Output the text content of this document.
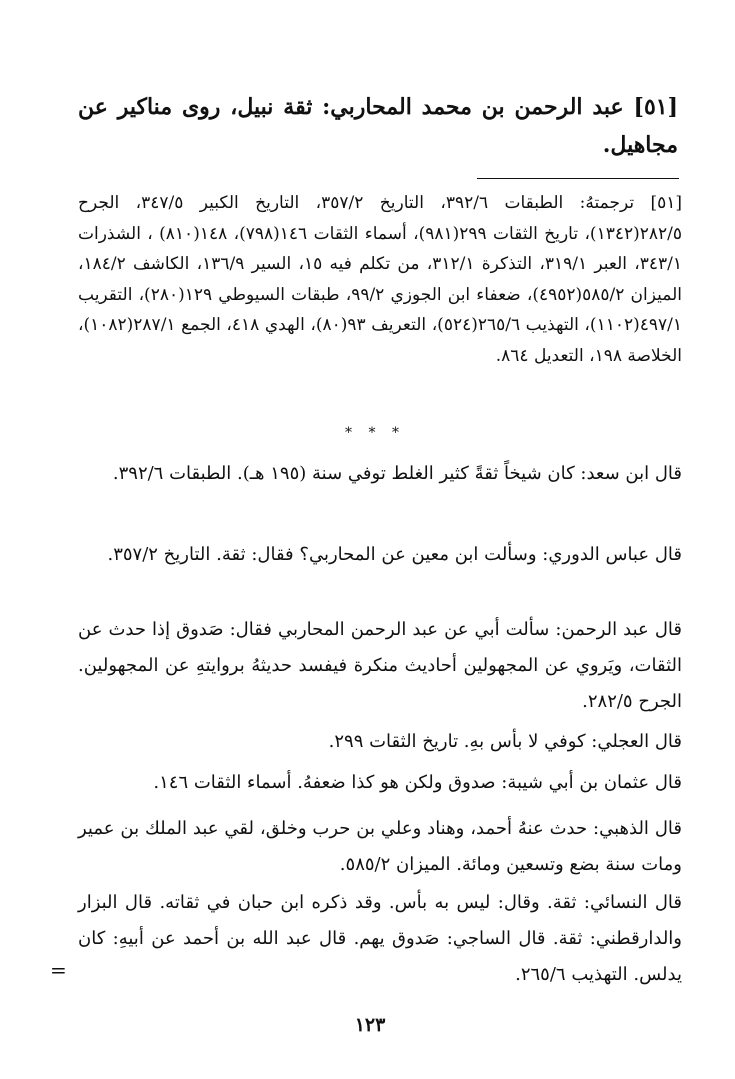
[٥١] عبد الرحمن بن محمد المحاربي: ثقة نبيل، روى مناكير عن مجاهيل.
[٥١] ترجمتهُ: الطبقات ٣٩٢/٦، التاريخ ٣٥٧/٢، التاريخ الكبير ٣٤٧/٥، الجرح ٢٨٢/٥(١٣٤٢)، تاريخ الثقات ٢٩٩(٩٨١)، أسماء الثقات ١٤٦(٧٩٨)، ١٤٨(٨١٠) ، الشذرات ٣٤٣/١، العبر ٣١٩/١، التذكرة ٣١٢/١، من تكلم فيه ١٥، السير ١٣٦/٩، الكاشف ١٨٤/٢، الميزان ٥٨٥/٢(٤٩٥٢)، ضعفاء ابن الجوزي ٩٩/٢، طبقات السيوطي ١٢٩(٢٨٠)، التقريب ٤٩٧/١(١١٠٢)، التهذيب ٢٦٥/٦(٥٢٤)، التعريف ٩٣(٨٠)، الهدي ٤١٨، الجمع ٢٨٧/١(١٠٨٢)، الخلاصة ١٩٨، التعديل ٨٦٤.
* * *
قال ابن سعد: كان شيخاً ثقةً كثير الغلط توفي سنة (١٩٥ هـ). الطبقات ٣٩٢/٦.
قال عباس الدوري: وسألت ابن معين عن المحاربي؟ فقال: ثقة. التاريخ ٣٥٧/٢.
قال عبد الرحمن: سألت أبي عن عبد الرحمن المحاربي فقال: صَدوق إذا حدث عن الثقات، ويَروي عن المجهولين أحاديث منكرة فيفسد حديثهُ بروايتهِ عن المجهولين. الجرح ٢٨٢/٥.
قال العجلي: كوفي لا بأس بهِ. تاريخ الثقات ٢٩٩.
قال عثمان بن أبي شيبة: صدوق ولكن هو كذا ضعفهُ. أسماء الثقات ١٤٦.
قال الذهبي: حدث عنهُ أحمد، وهناد وعلي بن حرب وخلق، لقي عبد الملك بن عمير ومات سنة بضع وتسعين ومائة. الميزان ٥٨٥/٢.
قال النسائي: ثقة. وقال: ليس به بأس. وقد ذكره ابن حبان في ثقاته. قال البزار والدارقطني: ثقة. قال الساجي: صَدوق يهم. قال عبد الله بن أحمد عن أبيهِ: كان يدلس. التهذيب ٢٦٥/٦.
=
١٢٣
